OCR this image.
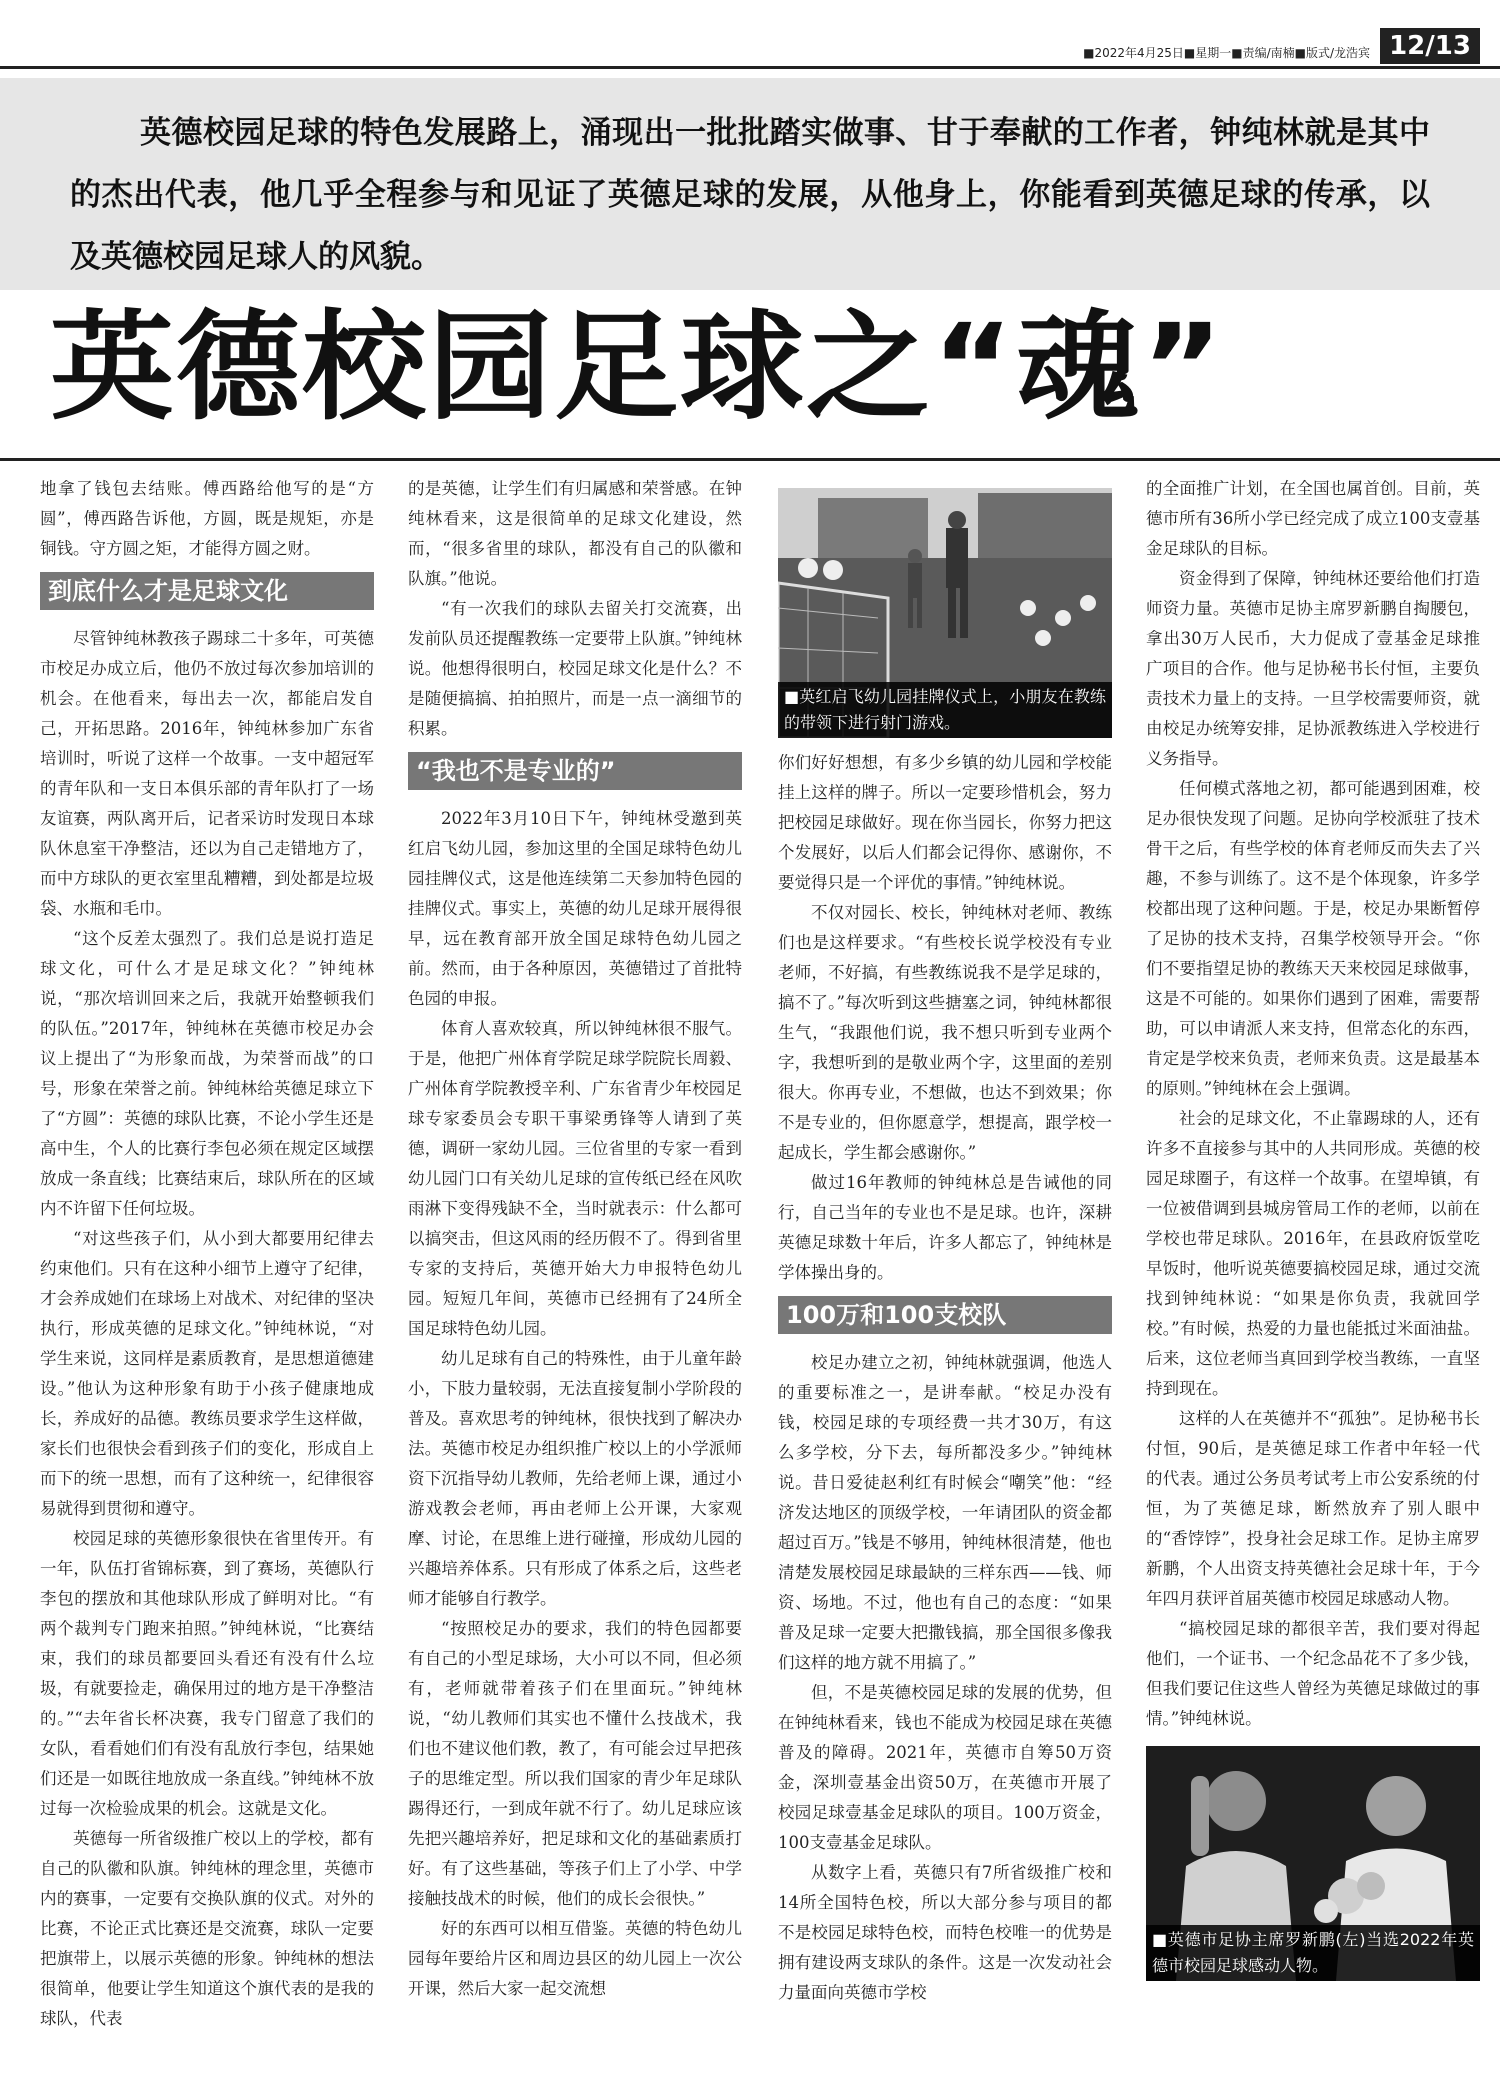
■2022年4月25日■星期一■责编/南楠■版式/龙浩宾 12/13

英德校园足球的特色发展路上，涌现出一批批踏实做事、甘于奉献的工作者，钟纯林就是其中的杰出代表，他几乎全程参与和见证了英德足球的发展，从他身上，你能看到英德足球的传承，以及英德校园足球人的风貌。

英德校园足球之“魂”

地拿了钱包去结账。傅西路给他写的是“方圆”，傅西路告诉他，方圆，既是规矩，亦是铜钱。守方圆之矩，才能得方圆之财。

到底什么才是足球文化

尽管钟纯林教孩子踢球二十多年，可英德市校足办成立后，他仍不放过每次参加培训的机会。在他看来，每出去一次，都能启发自己，开拓思路。2016年，钟纯林参加广东省培训时，听说了这样一个故事。一支中超冠军的青年队和一支日本俱乐部的青年队打了一场友谊赛，两队离开后，记者采访时发现日本球队休息室干净整洁，还以为自己走错地方了，而中方球队的更衣室里乱糟糟，到处都是垃圾袋、水瓶和毛巾。

“这个反差太强烈了。我们总是说打造足球文化，可什么才是足球文化？”钟纯林说，“那次培训回来之后，我就开始整顿我们的队伍。”2017年，钟纯林在英德市校足办会议上提出了“为形象而战，为荣誉而战”的口号，形象在荣誉之前。钟纯林给英德足球立下了“方圆”：英德的球队比赛，不论小学生还是高中生，个人的比赛行李包必须在规定区域摆放成一条直线；比赛结束后，球队所在的区域内不许留下任何垃圾。

“对这些孩子们，从小到大都要用纪律去约束他们。只有在这种小细节上遵守了纪律，才会养成她们在球场上对战术、对纪律的坚决执行，形成英德的足球文化。”钟纯林说，“对学生来说，这同样是素质教育，是思想道德建设。”他认为这种形象有助于小孩子健康地成长，养成好的品德。教练员要求学生这样做，家长们也很快会看到孩子们的变化，形成自上而下的统一思想，而有了这种统一，纪律很容易就得到贯彻和遵守。

校园足球的英德形象很快在省里传开。有一年，队伍打省锦标赛，到了赛场，英德队行李包的摆放和其他球队形成了鲜明对比。“有两个裁判专门跑来拍照。”钟纯林说，“比赛结束，我们的球员都要回头看还有没有什么垃圾，有就要捡走，确保用过的地方是干净整洁的。”“去年省长杯决赛，我专门留意了我们的女队，看看她们们有没有乱放行李包，结果她们还是一如既往地放成一条直线。”钟纯林不放过每一次检验成果的机会。这就是文化。

英德每一所省级推广校以上的学校，都有自己的队徽和队旗。钟纯林的理念里，英德市内的赛事，一定要有交换队旗的仪式。对外的比赛，不论正式比赛还是交流赛，球队一定要把旗带上，以展示英德的形象。钟纯林的想法很简单，他要让学生知道这个旗代表的是我的球队，代表

的是英德，让学生们有归属感和荣誉感。在钟纯林看来，这是很简单的足球文化建设，然而，“很多省里的球队，都没有自己的队徽和队旗。”他说。

“有一次我们的球队去留关打交流赛，出发前队员还提醒教练一定要带上队旗。”钟纯林说。他想得很明白，校园足球文化是什么？不是随便搞搞、拍拍照片，而是一点一滴细节的积累。

“我也不是专业的”

2022年3月10日下午，钟纯林受邀到英红启飞幼儿园，参加这里的全国足球特色幼儿园挂牌仪式，这是他连续第二天参加特色园的挂牌仪式。事实上，英德的幼儿足球开展得很早，远在教育部开放全国足球特色幼儿园之前。然而，由于各种原因，英德错过了首批特色园的申报。

体育人喜欢较真，所以钟纯林很不服气。于是，他把广州体育学院足球学院院长周毅、广州体育学院教授辛利、广东省青少年校园足球专家委员会专职干事梁勇锋等人请到了英德，调研一家幼儿园。三位省里的专家一看到幼儿园门口有关幼儿足球的宣传纸已经在风吹雨淋下变得残缺不全，当时就表示：什么都可以搞突击，但这风雨的经历假不了。得到省里专家的支持后，英德开始大力申报特色幼儿园。短短几年间，英德市已经拥有了24所全国足球特色幼儿园。

幼儿足球有自己的特殊性，由于儿童年龄小，下肢力量较弱，无法直接复制小学阶段的普及。喜欢思考的钟纯林，很快找到了解决办法。英德市校足办组织推广校以上的小学派师资下沉指导幼儿教师，先给老师上课，通过小游戏教会老师，再由老师上公开课，大家观摩、讨论，在思维上进行碰撞，形成幼儿园的兴趣培养体系。只有形成了体系之后，这些老师才能够自行教学。

“按照校足办的要求，我们的特色园都要有自己的小型足球场，大小可以不同，但必须有，老师就带着孩子们在里面玩。”钟纯林说，“幼儿教师们其实也不懂什么技战术，我们也不建议他们教，教了，有可能会过早把孩子的思维定型。所以我们国家的青少年足球队踢得还行，一到成年就不行了。幼儿足球应该先把兴趣培养好，把足球和文化的基础素质打好。有了这些基础，等孩子们上了小学、中学接触技战术的时候，他们的成长会很快。”

好的东西可以相互借鉴。英德的特色幼儿园每年要给片区和周边县区的幼儿园上一次公开课，然后大家一起交流想

■英红启飞幼儿园挂牌仪式上，小朋友在教练的带领下进行射门游戏。

你们好好想想，有多少乡镇的幼儿园和学校能挂上这样的牌子。所以一定要珍惜机会，努力把校园足球做好。现在你当园长，你努力把这个发展好，以后人们都会记得你、感谢你，不要觉得只是一个评优的事情。”钟纯林说。

不仅对园长、校长，钟纯林对老师、教练们也是这样要求。“有些校长说学校没有专业老师，不好搞，有些教练说我不是学足球的，搞不了。”每次听到这些搪塞之词，钟纯林都很生气，“我跟他们说，我不想只听到专业两个字，我想听到的是敬业两个字，这里面的差别很大。你再专业，不想做，也达不到效果；你不是专业的，但你愿意学，想提高，跟学校一起成长，学生都会感谢你。”

做过16年教师的钟纯林总是告诫他的同行，自己当年的专业也不是足球。也许，深耕英德足球数十年后，许多人都忘了，钟纯林是学体操出身的。

100万和100支校队

校足办建立之初，钟纯林就强调，他选人的重要标准之一，是讲奉献。“校足办没有钱，校园足球的专项经费一共才30万，有这么多学校，分下去，每所都没多少。”钟纯林说。昔日爱徒赵利红有时候会“嘲笑”他：“经济发达地区的顶级学校，一年请团队的资金都超过百万。”钱是不够用，钟纯林很清楚，他也清楚发展校园足球最缺的三样东西——钱、师资、场地。不过，他也有自己的态度：“如果普及足球一定要大把撒钱搞，那全国很多像我们这样的地方就不用搞了。”

但，不是英德校园足球的发展的优势，但在钟纯林看来，钱也不能成为校园足球在英德普及的障碍。2021年，英德市自筹50万资金，深圳壹基金出资50万，在英德市开展了校园足球壹基金足球队的项目。100万资金，100支壹基金足球队。

从数字上看，英德只有7所省级推广校和14所全国特色校，所以大部分参与项目的都不是校园足球特色校，而特色校唯一的优势是拥有建设两支球队的条件。这是一次发动社会力量面向英德市学校

的全面推广计划，在全国也属首创。目前，英德市所有36所小学已经完成了成立100支壹基金足球队的目标。

资金得到了保障，钟纯林还要给他们打造师资力量。英德市足协主席罗新鹏自掏腰包，拿出30万人民币，大力促成了壹基金足球推广项目的合作。他与足协秘书长付恒，主要负责技术力量上的支持。一旦学校需要师资，就由校足办统筹安排，足协派教练进入学校进行义务指导。

任何模式落地之初，都可能遇到困难，校足办很快发现了问题。足协向学校派驻了技术骨干之后，有些学校的体育老师反而失去了兴趣，不参与训练了。这不是个体现象，许多学校都出现了这种问题。于是，校足办果断暂停了足协的技术支持，召集学校领导开会。“你们不要指望足协的教练天天来校园足球做事，这是不可能的。如果你们遇到了困难，需要帮助，可以申请派人来支持，但常态化的东西，肯定是学校来负责，老师来负责。这是最基本的原则。”钟纯林在会上强调。

社会的足球文化，不止靠踢球的人，还有许多不直接参与其中的人共同形成。英德的校园足球圈子，有这样一个故事。在望埠镇，有一位被借调到县城房管局工作的老师，以前在学校也带足球队。2016年，在县政府饭堂吃早饭时，他听说英德要搞校园足球，通过交流找到钟纯林说：“如果是你负责，我就回学校。”有时候，热爱的力量也能抵过米面油盐。后来，这位老师当真回到学校当教练，一直坚持到现在。

这样的人在英德并不“孤独”。足协秘书长付恒，90后，是英德足球工作者中年轻一代的代表。通过公务员考试考上市公安系统的付恒，为了英德足球，断然放弃了别人眼中的“香饽饽”，投身社会足球工作。足协主席罗新鹏，个人出资支持英德社会足球十年，于今年四月获评首届英德市校园足球感动人物。

“搞校园足球的都很辛苦，我们要对得起他们，一个证书、一个纪念品花不了多少钱，但我们要记住这些人曾经为英德足球做过的事情。”钟纯林说。

■英德市足协主席罗新鹏(左)当选2022年英德市校园足球感动人物。
